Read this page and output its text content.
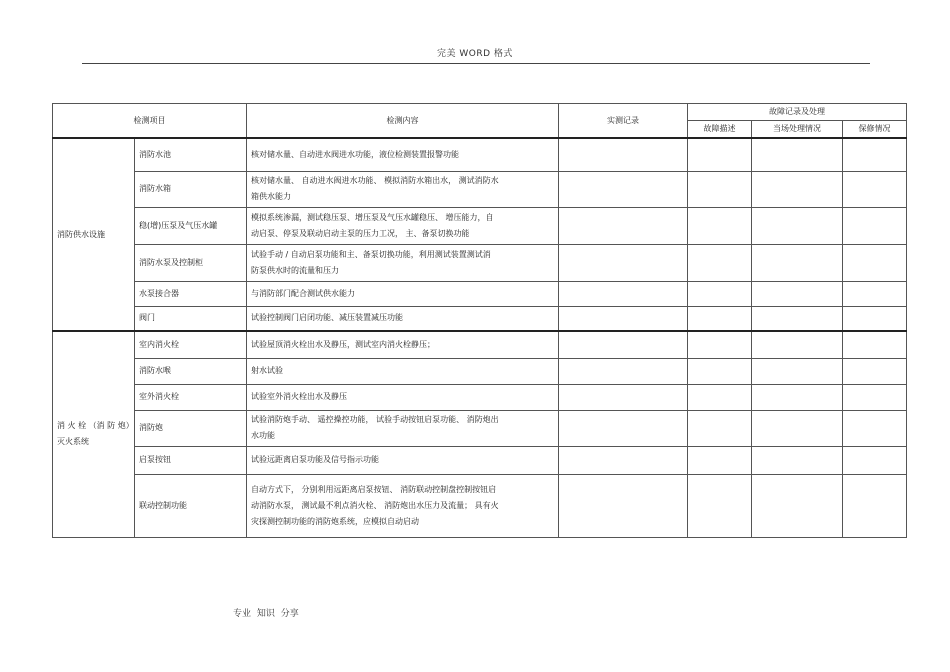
完美 WORD 格式
检测项目		检测内容	实测记录	故障记录及处理		
				故障描述	当场处理情况	保修情况
消防供水设施	消防水池	核对储水量、自动进水阀进水功能，液位检测装置报警功能				

	消防水箱	核对储水量、 自动进水阀进水功能、 模拟消防水箱出水， 测试消防水
箱供水能力				

	稳(增)压泵及气压水罐	模拟系统渗漏，测试稳压泵、增压泵及气压水罐稳压、 增压能力，自
动启泵、停泵及联动启动主泵的压力工况， 主、备泵切换功能				

	消防水泵及控制柜	试验手动 / 自动启泵功能和主、备泵切换功能，利用测试装置测试消
防泵供水时的流量和压力				

	水泵接合器	与消防部门配合测试供水能力				

	阀门	试验控制阀门启闭功能、减压装置减压功能				

消 火 栓 （消 防 炮）灭火系统	室内消火栓	试验屋顶消火栓出水及静压，测试室内消火栓静压；				

	消防水喉	射水试验				

	室外消火栓	试验室外消火栓出水及静压				

	消防炮	试验消防炮手动、 遥控操控功能， 试验手动按钮启泵功能、 消防炮出
水功能				

	启泵按钮	试验远距离启泵功能及信号指示功能				

	联动控制功能	自动方式下， 分别利用远距离启泵按钮、 消防联动控制盘控制按钮启
动消防水泵， 测试最不利点消火栓、 消防炮出水压力及流量； 具有火
灾探测控制功能的消防炮系统，应模拟自动启动				

专业 知识 分享
